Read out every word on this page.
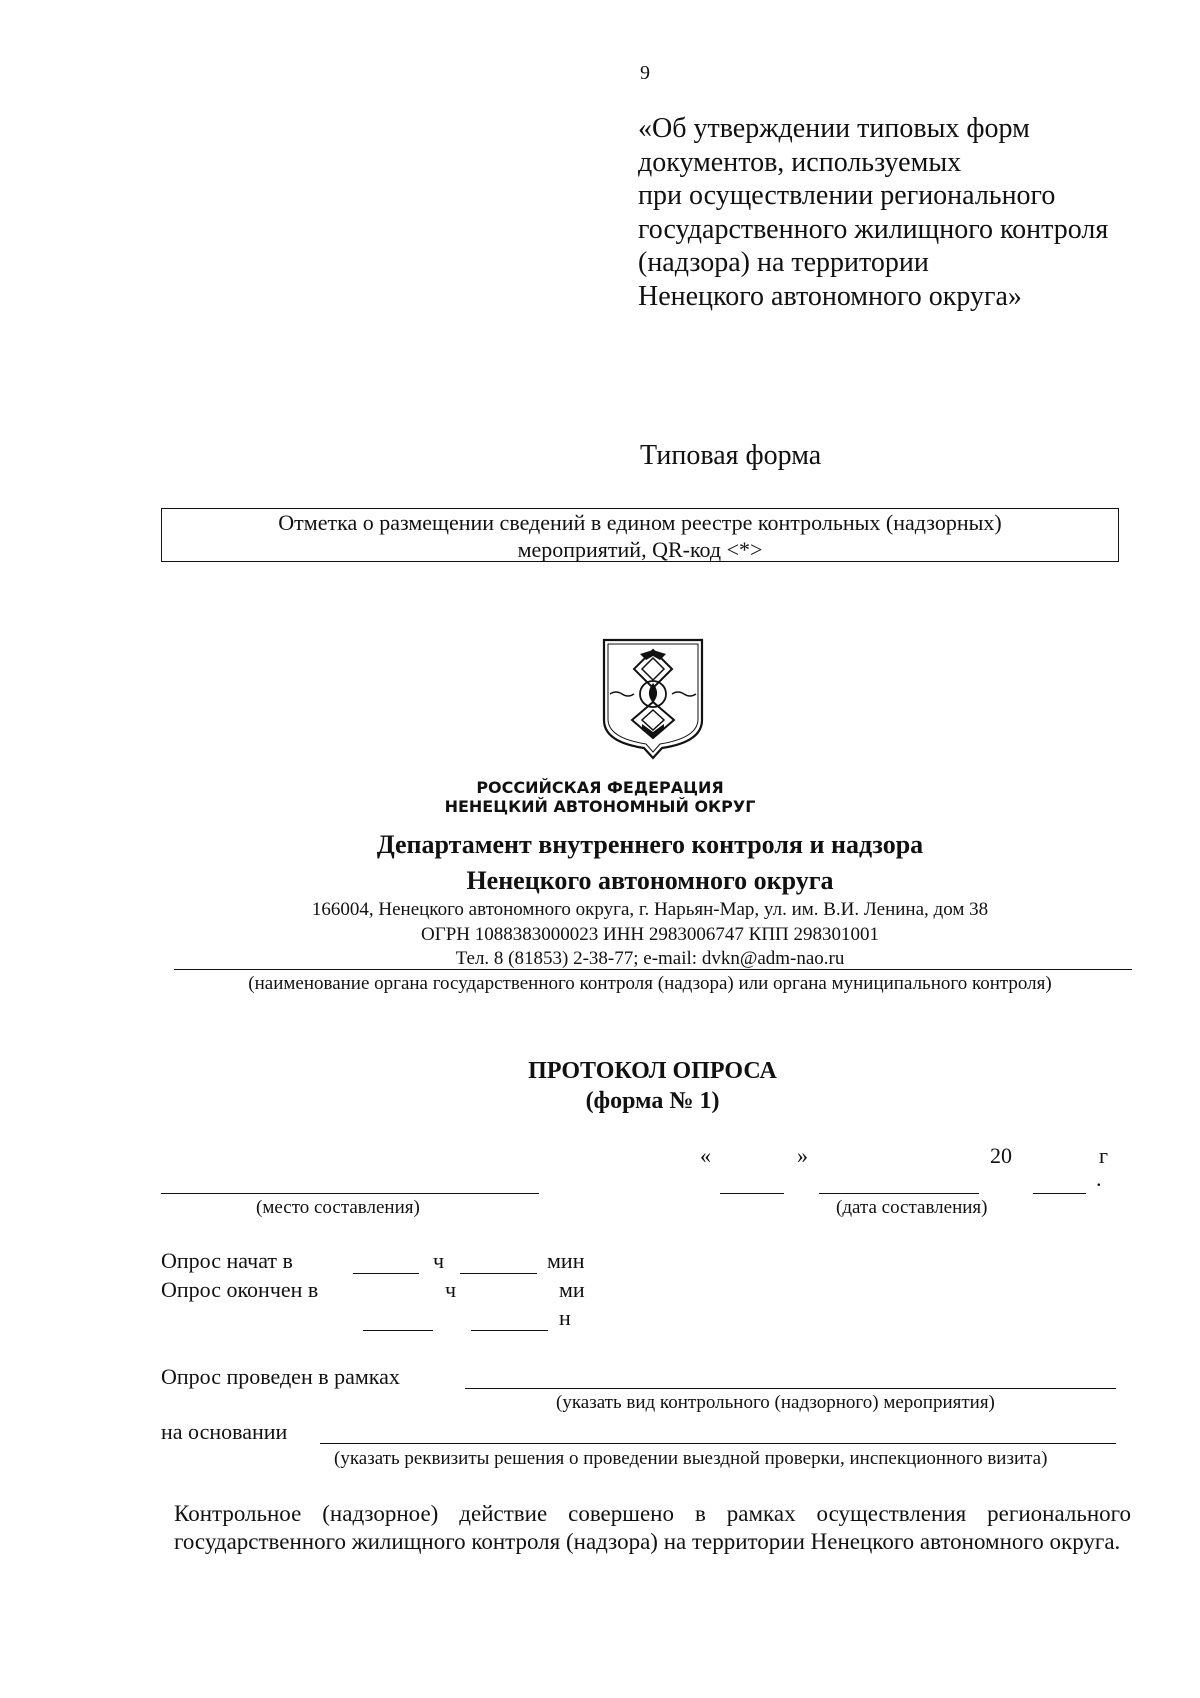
9
«Об утверждении типовых форм
документов, используемых
при осуществлении регионального
государственного жилищного контроля
(надзора) на территории
Ненецкого автономного округа»
Типовая форма
Отметка о размещении сведений в едином реестре контрольных (надзорных)
мероприятий, QR-код <*>
РОССИЙСКАЯ ФЕДЕРАЦИЯ
НЕНЕЦКИЙ АВТОНОМНЫЙ ОКРУГ
Департамент внутреннего контроля и надзора
Ненецкого автономного округа
166004, Ненецкого автономного округа, г. Нарьян-Мар, ул. им. В.И. Ленина, дом 38
ОГРН 1088383000023 ИНН 2983006747 КПП 298301001
Тел. 8 (81853) 2-38-77; e-mail: dvkn@adm-nao.ru
(наименование органа государственного контроля (надзора) или органа муниципального контроля)
ПРОТОКОЛ ОПРОСА
(форма № 1)
«	»	20	г
.
(место составления)	(дата составления)
Опрос начат в	ч	мин
Опрос окончен в	ч	ми
н
Опрос проведен в рамках
(указать вид контрольного (надзорного) мероприятия)
на основании
(указать реквизиты решения о проведении выездной проверки, инспекционного визита)
Контрольное (надзорное) действие совершено в рамках осуществления регионального государственного жилищного контроля (надзора) на территории Ненецкого автономного округа.
